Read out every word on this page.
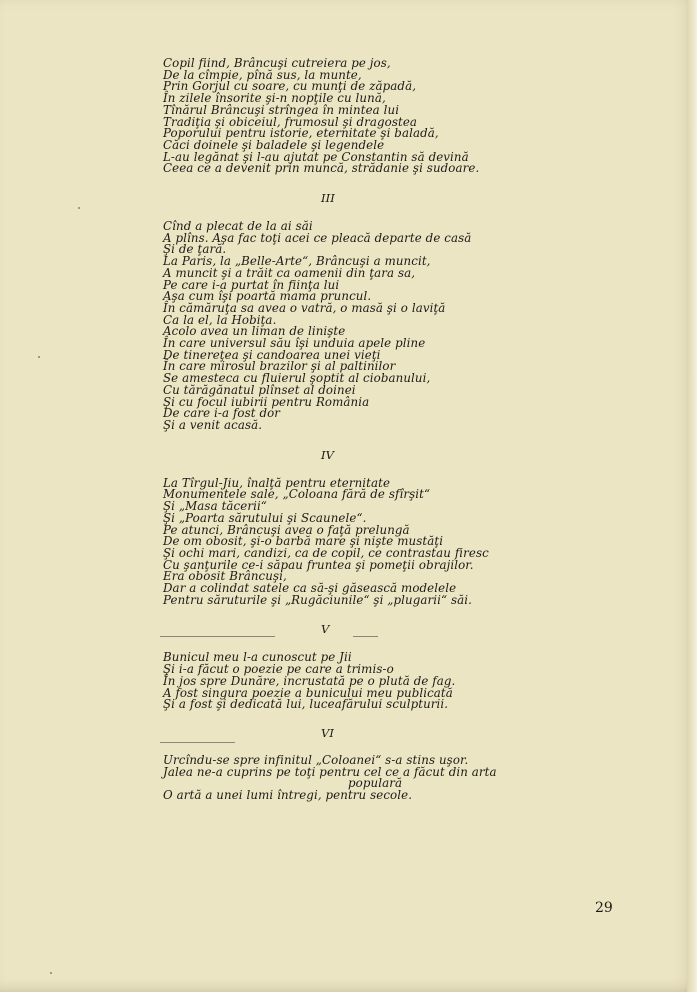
Copil fiind, Brâncuşi cutreiera pe jos,
De la cîmpie, pînă sus, la munte,
Prin Gorjul cu soare, cu munţi de zăpadă,
În zilele însorite şi-n nopţile cu lună,
Tînărul Brâncuşi strîngea în mintea lui
Tradiţia şi obiceiul, frumosul şi dragostea
Poporului pentru istorie, eternitate şi baladă,
Căci doinele şi baladele şi legendele
L-au legănat şi l-au ajutat pe Constantin să devină
Ceea ce a devenit prin muncă, strădanie şi sudoare.
III
Cînd a plecat de la ai săi
A plîns. Aşa fac toţi acei ce pleacă departe de casă
Şi de ţară.
La Paris, la „Belle-Arte“, Brâncuşi a muncit,
A muncit şi a trăit ca oamenii din ţara sa,
Pe care i-a purtat în fiinţa lui
Aşa cum îşi poartă mama pruncul.
În cămăruţa sa avea o vatră, o masă şi o laviţă
Ca la el, la Hobiţa.
Acolo avea un liman de linişte
În care universul său îşi unduia apele pline
De tinereţea şi candoarea unei vieţi
În care mirosul brazilor şi al paltinilor
Se amesteca cu fluierul şoptit al ciobanului,
Cu tărăgănatul plînset al doinei
Şi cu focul iubirii pentru România
De care i-a fost dor
Şi a venit acasă.
IV
La Tîrgul-Jiu, înalţă pentru eternitate
Monumentele sale, „Coloana fără de sfîrşit“
Şi „Masa tăcerii“
Şi „Poarta sărutului şi Scaunele“.
Pe atunci, Brâncuşi avea o faţă prelungă
De om obosit, şi-o barbă mare şi nişte mustăţi
Şi ochi mari, candizi, ca de copil, ce contrastau firesc
Cu şanţurile ce-i săpau fruntea şi pomeţii obrajilor.
Era obosit Brâncuşi,
Dar a colindat satele ca să-şi găsească modelele
Pentru săruturile şi „Rugăciunile“ şi „plugarii“ săi.
V
Bunicul meu l-a cunoscut pe Jii
Şi i-a făcut o poezie pe care a trimis-o
În jos spre Dunăre, incrustată pe o plută de fag.
A fost singura poezie a bunicului meu publicată
Şi a fost şi dedicată lui, luceafărului sculpturii.
VI
Urcîndu-se spre infinitul „Coloanei“ s-a stins uşor.
Jalea ne-a cuprins pe toţi pentru cel ce a făcut din arta
populară
O artă a unei lumi întregi, pentru secole.
29
